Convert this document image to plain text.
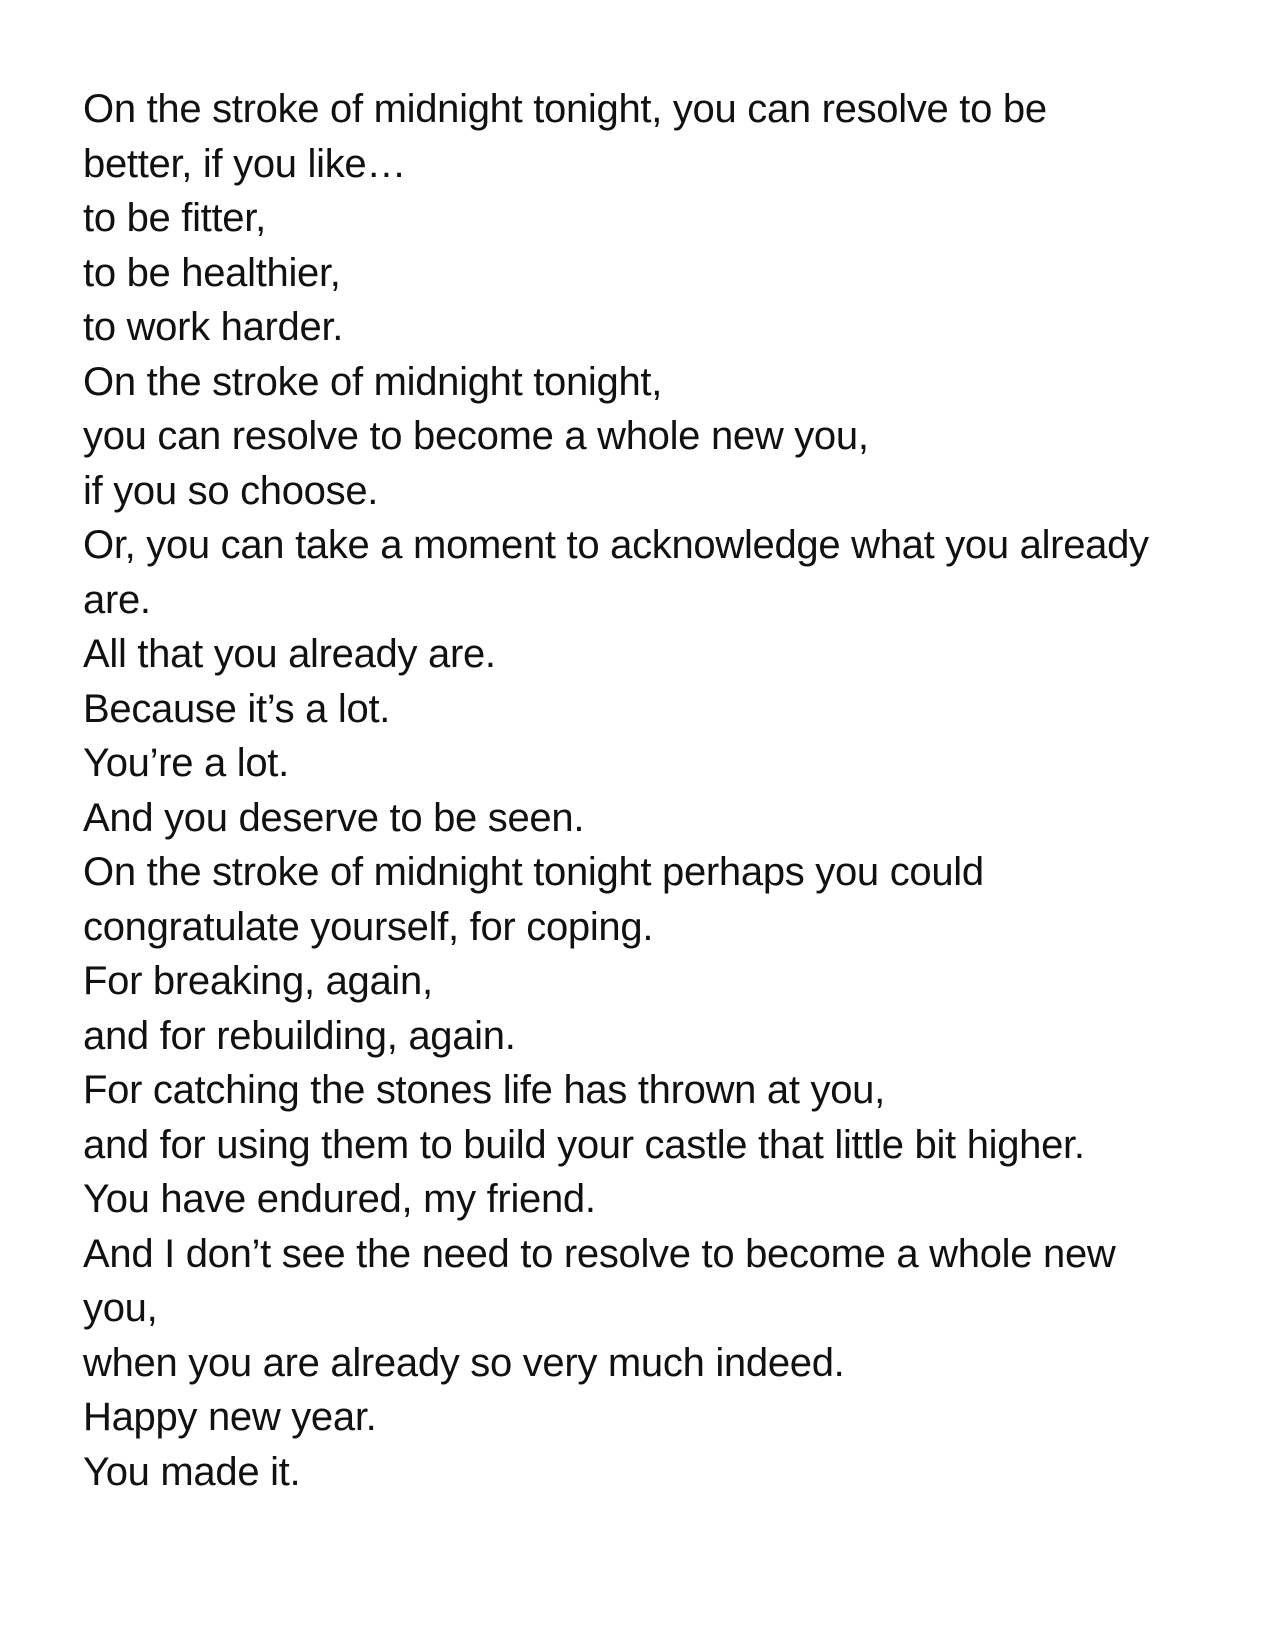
On the stroke of midnight tonight, you can resolve to be
better, if you like…
to be fitter,
to be healthier,
to work harder.
On the stroke of midnight tonight,
you can resolve to become a whole new you,
if you so choose.
Or, you can take a moment to acknowledge what you already
are.
All that you already are.
Because it’s a lot.
You’re a lot.
And you deserve to be seen.
On the stroke of midnight tonight perhaps you could
congratulate yourself, for coping.
For breaking, again,
and for rebuilding, again.
For catching the stones life has thrown at you,
and for using them to build your castle that little bit higher.
You have endured, my friend.
And I don’t see the need to resolve to become a whole new
you,
when you are already so very much indeed.
Happy new year.
You made it.
